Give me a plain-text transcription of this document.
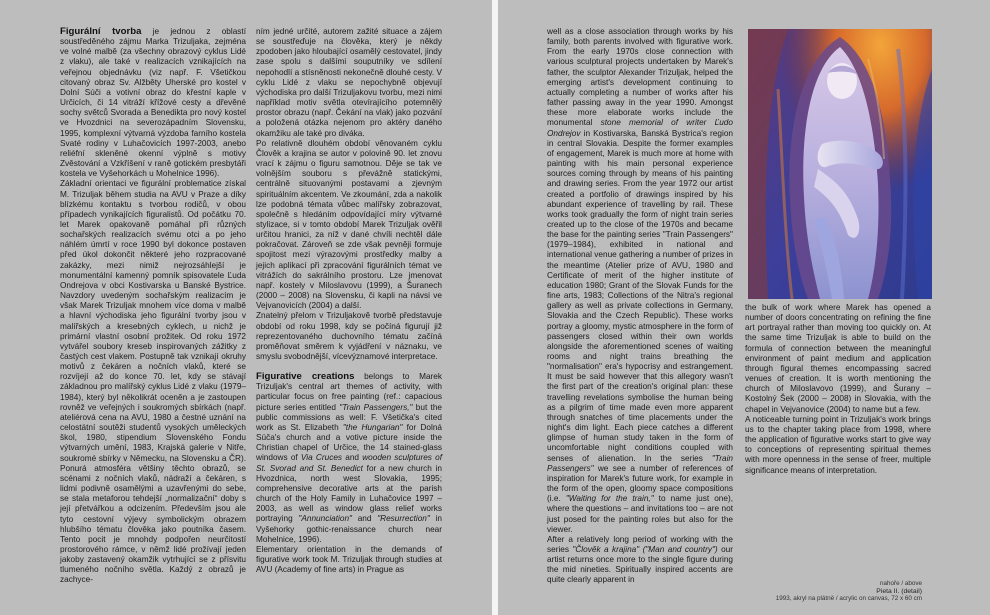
Figurální tvorba je jednou z oblastí soustředěného zájmu Marka Trizuljaka, zejména ve volné malbě (za všechny obrazový cyklus Lidé z vlaku), ale také v realizacích vznikajících na veřejnou objednávku (viz např. F. Všetičkou citovaný obraz Sv. Alžběty Uherské pro kostel v Dolní Súči a votivní obraz do křestní kaple v Určicích, či 14 vitráží křížové cesty a dřevěné sochy světců Svorada a Benedikta pro nový kostel ve Hvozdnici na severozápadním Slovensku, 1995, komplexní výtvarná výzdoba farního kostela Svaté rodiny v Luhačovicích 1997-2003, anebo reliéfní skleněné okenní výplně s motivy Zvěstování a Vzkříšení v raně gotickém presbytáři kostela ve Vyšehorkách u Mohelnice 1996).

Základní orientaci ve figurální problematice získal M. Trizuljak během studia na AVU v Praze a díky blízkému kontaktu s tvorbou rodičů, v obou případech vynikajících figuralistů. Od počátku 70. let Marek opakovaně pomáhal při různých sochařských realizacích svému otci a po jeho náhlém úmrtí v roce 1990 byl dokonce postaven před úkol dokončit některé jeho rozpracované zakázky, mezi nimiž nejrozsáhlejší je monumentální kamenný pomník spisovatele Ľuda Ondrejova v obci Kostivarska u Banské Bystrice. Navzdory uvedeným sochařským realizacím je však Marek Trizuljak mnohem více doma v malbě a hlavní východiska jeho figurální tvorby jsou v malířských a kresebných cyklech, u nichž je primární vlastní osobní prožitek. Od roku 1972 vytvářel soubory kreseb inspirovaných zážitky z častých cest vlakem. Postupně tak vznikají okruhy motivů z čekáren a nočních vlaků, které se rozvíjejí až do konce 70. let, kdy se stávají základnou pro malířský cyklus Lidé z vlaku (1979–1984), který byl několikrát oceněn a je zastoupen rovněž ve veřejných i soukromých sbírkách (např. ateliérová cena na AVU, 1980 a čestné uznání na celostátní soutěži studentů vysokých uměleckých škol, 1980, stipendium Slovenského Fondu výtvarných umění, 1983, Krajská galerie v Nitře, soukromé sbírky v Německu, na Slovensku a ČR). Ponurá atmosféra většiny těchto obrazů, se scénami z nočních vlaků, nádraží a čekáren, s lidmi podivně osamělými a uzavřenými do sebe, se stala metaforou tehdejší „normalizační“ doby s její přetvářkou a odcizením. Především jsou ale tyto cestovní výjevy symbolickým obrazem hlubšího tématu člověka jako poutníka časem. Tento pocit je mnohdy podpořen neurčitostí prostorového rámce, v němž lidé prožívají jeden jakoby zastavený okamžik vytrhující se z přísvitu tlumeného nočního světla. Každý z obrazů je zachyce-

ním jedné určité, autorem zažité situace a zájem se soustřeďuje na člověka, který je někdy zpodoben jako hloubající osamělý cestovatel, jindy zase spolu s dalšími souputníky ve sdílení nepohodlí a stísněnosti nekonečně dlouhé cesty. V cyklu Lidé z vlaku se nepochybně objevují východiska pro další Trizuljakovu tvorbu, mezi nimi například motiv světla otevírajícího potemnělý prostor obrazu (např. Čekání na vlak) jako pozvání a položená otázka nejenom pro aktéry daného okamžiku ale také pro diváka.

Po relativně dlouhém období věnovaném cyklu Člověk a krajina se autor v polovině 90. let znovu vrací k zájmu o figuru samotnou. Děje se tak ve volnějším souboru s převážně statickými, centrálně situovanými postavami a zjevným spirituálním akcentem. Ve zkoumání, zda a nakolik lze podobná témata vůbec malířsky zobrazovat, společně s hledáním odpovídající míry výtvarné stylizace, si v tomto období Marek Trizuljak ověřil určitou hranici, za níž v dané chvíli nechtěl dále pokračovat. Zároveň se zde však pevněji formuje spojitost mezi výrazovými prostředky malby a jejich aplikací při zpracování figurálních témat ve vitrážích do sakrálního prostoru. Lze jmenovat např. kostely v Miloslavovu (1999), a Šuranech (2000 – 2008) na Slovensku, či kapli na návsi ve Vejvanovicích (2004) a další.

Znatelný přelom v Trizuljakově tvorbě představuje období od roku 1998, kdy se počíná figurují již reprezentovaného duchovního tématu začíná proměňovat směrem k vyjádření v náznaku, ve smyslu svobodnější, vícevýznamové interpretace.

Figurative creations belongs to Marek Trizuljak's central art themes of activity, with particular focus on free painting (ref.: capacious picture series entitled "Train Passengers," but the public commissions as well: F. Všetička's cited work as St. Elizabeth "the Hungarian" for Dolná Súča's church and a votive picture inside the Christian chapel of Určice, the 14 stained-glass windows of Via Cruces and wooden sculptures of St. Svorad and St. Benedict for a new church in Hvozdnica, north west Slovakia, 1995; comprehensive decorative arts at the parish church of the Holy Family in Luhačovice 1997 – 2003, as well as window glass relief works portraying "Annunciation" and "Resurrection" in Vyšehorky gothic-renaissance church near Mohelnice, 1996).

Elementary orientation in the demands of figurative work took M. Trizuljak through studies at AVU (Academy of fine arts) in Prague as

well as a close association through works by his family, both parents involved with figurative work. From the early 1970s close connection with various sculptural projects undertaken by Marek's father, the sculptor Alexander Trizuljak, helped the emerging artist's development continuing to actually completing a number of works after his father passing away in the year 1990. Amongst these more elaborate works include the monumental stone memorial of writer Ľudo Ondrejov in Kostivarska, Banská Bystrica's region in central Slovakia. Despite the former examples of engagement, Marek is much more at home with painting with his main personal experience sources coming through by means of his painting and drawing series. From the year 1972 our artist created a portfolio of drawings inspired by his abundant experience of travelling by rail. These works took gradually the form of night train series created up to the close of the 1970s and became the base for the painting series "Train Passengers" (1979–1984), exhibited in national and international venue gathering a number of prizes in the meantime (Atelier prize of AVU, 1980 and Certificate of merit of the higher institute of education 1980; Grant of the Slovak Funds for the fine arts, 1983; Collections of the Nitra's regional gallery as well as private collections in Germany, Slovakia and the Czech Republic). These works portray a gloomy, mystic atmosphere in the form of passengers closed within their own worlds alongside the aforementioned scenes of waiting rooms and night trains breathing the "normalisation" era's hypocrisy and estrangement. It must be said however that this allegory wasn't the first part of the creation's original plan: these travelling revelations symbolise the human being as a pilgrim of time made even more apparent through snatches of time placements under the night's dim light. Each piece catches a different glimpse of human study taken in the form of uncomfortable night conditions coupled with senses of alienation. In the series "Train Passengers" we see a number of references of inspiration for Marek's future work, for example in the form of the open, gloomy space compositions (i.e. "Waiting for the train," to name just one), where the questions – and invitations too – are not just posed for the painting roles but also for the viewer.

After a relatively long period of working with the series "Člověk a krajina" ("Man and country") our artist returns once more to the single figure during the mid nineties. Spiritually inspired accents are quite clearly apparent in

the bulk of work where Marek has opened a number of doors concentrating on refining the fine art portrayal rather than moving too quickly on. At the same time Trizuljak is able to build on the formula of connection between the meaningful environment of paint medium and application through figural themes encompassing sacred venues of creation. It is worth mentioning the church of Miloslavovo (1999), and Šurany – Kostolný Šek (2000 – 2008) in Slovakia, with the chapel in Vejvanovice (2004) to name but a few.

A noticeable turning point in Trizuljak's work brings us to the chapter taking place from 1998, where the application of figurative works start to give way to conceptions of representing spiritual themes with more openness in the sense of freer, multiple significance means of interpretation.

nahoře / above
Pieta II. (detail)
1993, akryl na plátně / acrylic on canvas, 72 x 60 cm
